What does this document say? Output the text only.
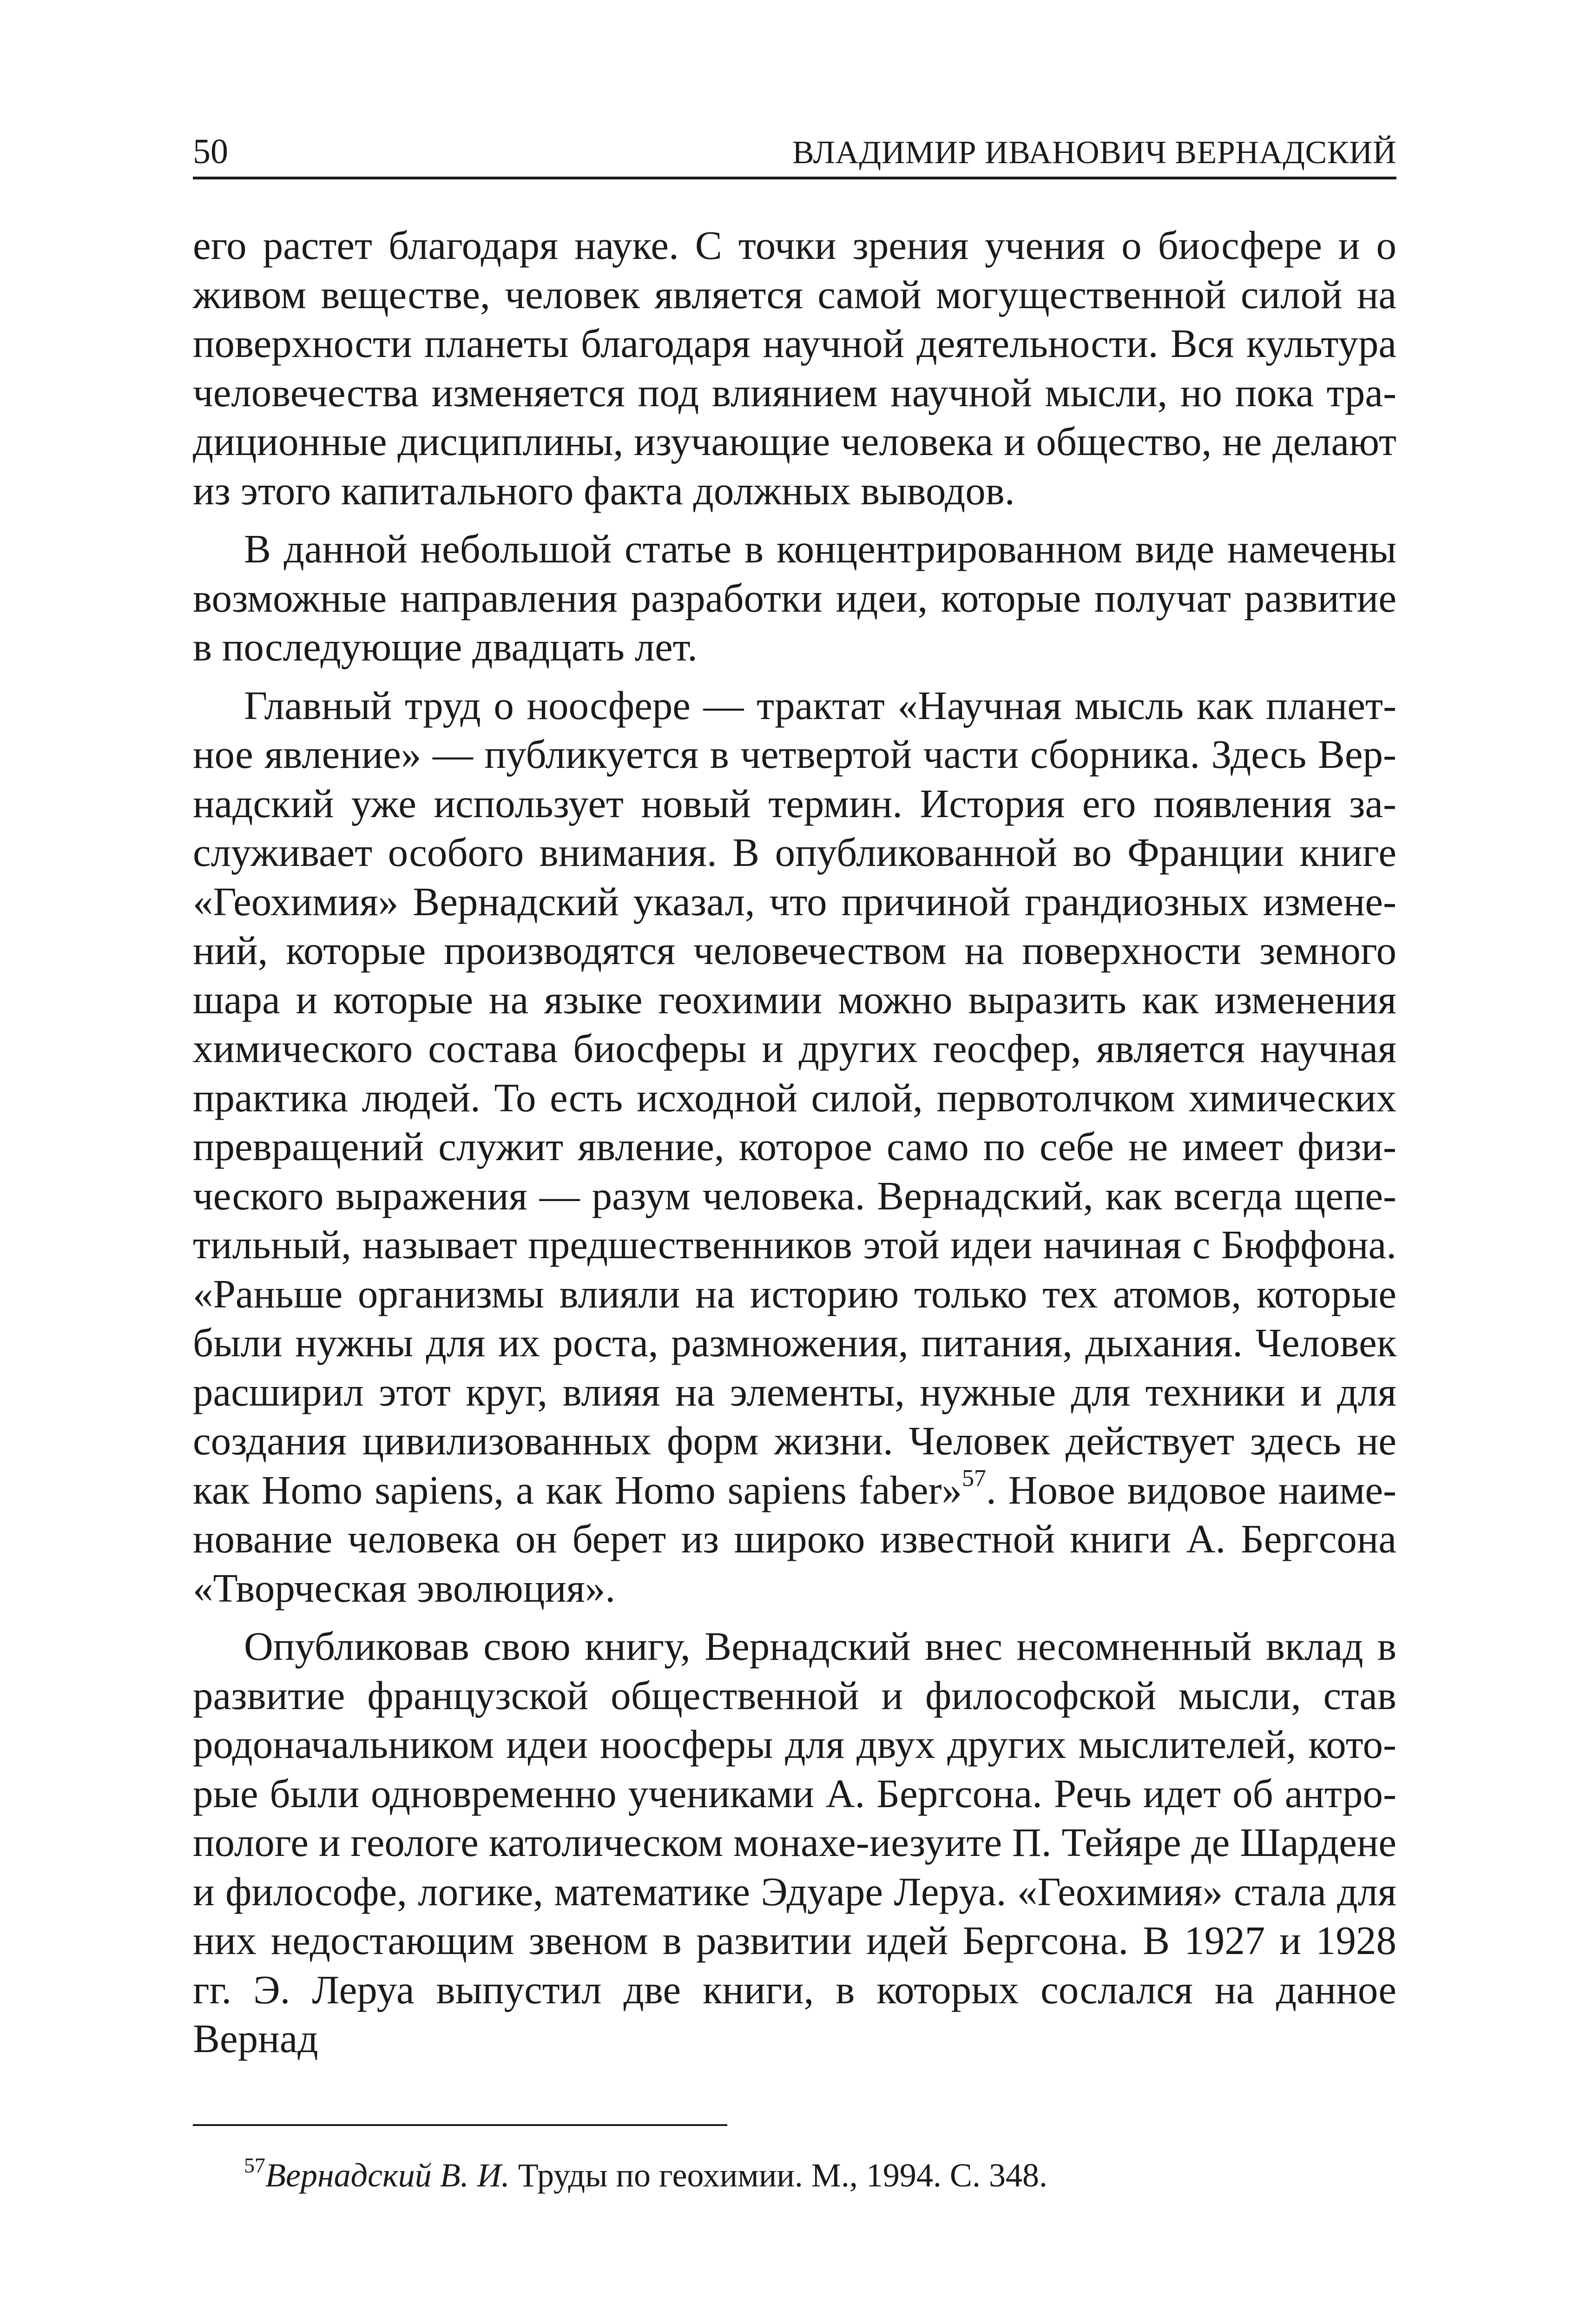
50	ВЛАДИМИР ИВАНОВИЧ ВЕРНАДСКИЙ

его растет благодаря науке. С точки зрения учения о биосфере и о живом веществе, человек является самой могущественной силой на поверхности планеты благодаря научной деятельности. Вся культура человечества изменяется под влиянием научной мысли, но пока традиционные дисциплины, изучающие человека и общество, не делают из этого капитального факта должных выводов.

В данной небольшой статье в концентрированном виде намечены возможные направления разработки идеи, которые получат развитие в последующие двадцать лет.

Главный труд о ноосфере — трактат «Научная мысль как планетное явление» — публикуется в четвертой части сборника. Здесь Вернадский уже использует новый термин. История его появления заслуживает особого внимания. В опубликованной во Франции книге «Геохимия» Вернадский указал, что причиной грандиозных изменений, которые производятся человечеством на поверхности земного шара и которые на языке геохимии можно выразить как изменения химического состава биосферы и других геосфер, является научная практика людей. То есть исходной силой, первотолчком химических превращений служит явление, которое само по себе не имеет физического выражения — разум человека. Вернадский, как всегда щепетильный, называет предшественников этой идеи начиная с Бюффона. «Раньше организмы влияли на историю только тех атомов, которые были нужны для их роста, размножения, питания, дыхания. Человек расширил этот круг, влияя на элементы, нужные для техники и для создания цивилизованных форм жизни. Человек действует здесь не как Homo sapiens, а как Homo sapiens faber»$^{57}$. Новое видовое наименование человека он берет из широко известной книги А. Бергсона «Творческая эволюция».

Опубликовав свою книгу, Вернадский внес несомненный вклад в развитие французской общественной и философской мысли, став родоначальником идеи ноосферы для двух других мыслителей, которые были одновременно учениками А. Бергсона. Речь идет об антропологе и геологе католическом монахе-иезуите П. Тейяре де Шардене и философе, логике, математике Эдуаре Леруа. «Геохимия» стала для них недостающим звеном в развитии идей Бергсона. В 1927 и 1928 гг. Э. Леруа выпустил две книги, в которых сослался на данное Вернад

$^{57}$Вернадский В. И. Труды по геохимии. М., 1994. С. 348.
